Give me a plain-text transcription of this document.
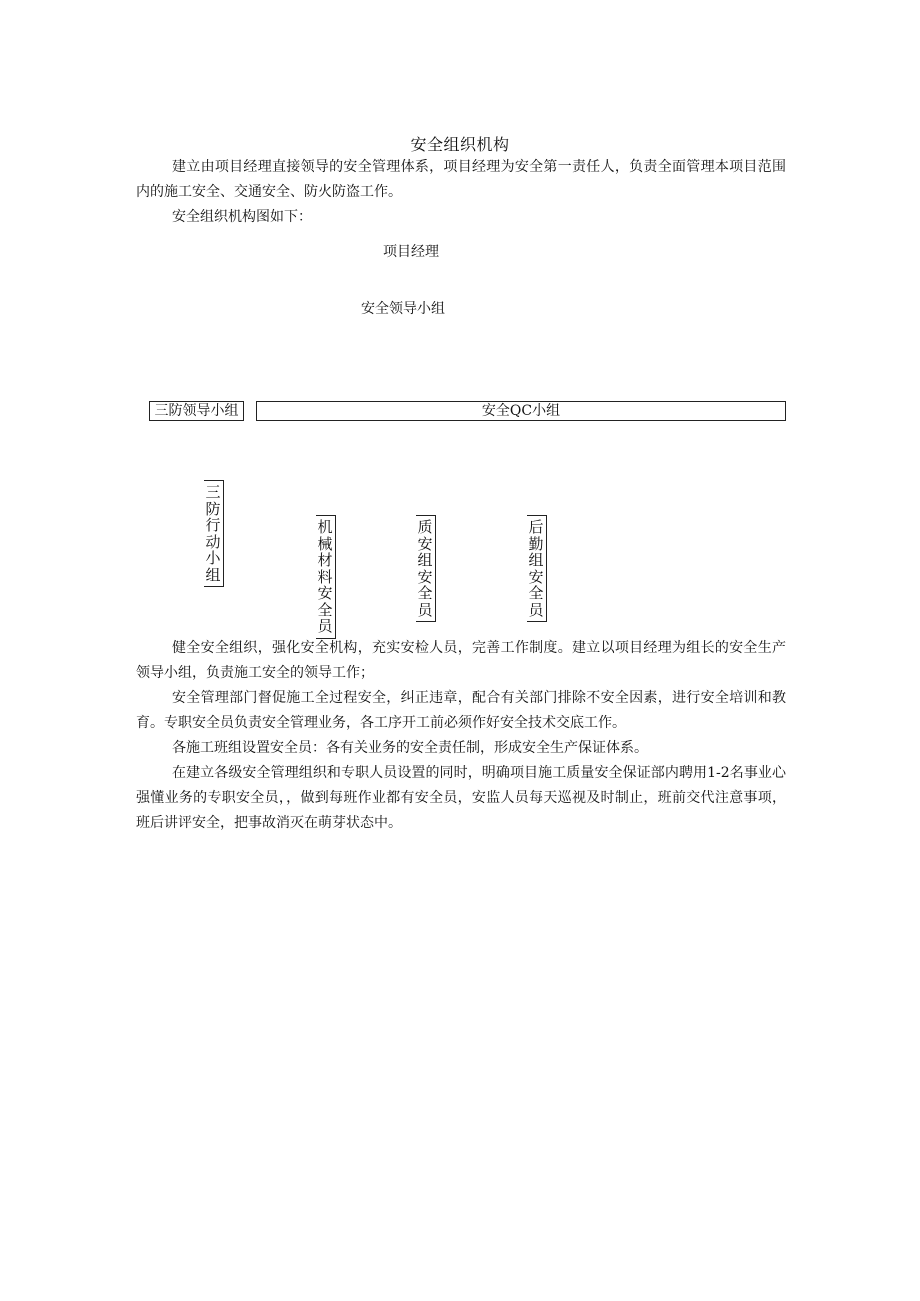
安全组织机构

建立由项目经理直接领导的安全管理体系，项目经理为安全第一责任人，负责全面管理本项目范围内的施工安全、交通安全、防火防盗工作。

安全组织机构图如下：

项目经理
安全领导小组
三防领导小组	安全QC小组
三
防
行
动
小
组
机
械
材
料
安
全
员
质
安
组
安
全
员
后
勤
组
安
全
员

健全安全组织，强化安全机构，充实安检人员，完善工作制度。建立以项目经理为组长的安全生产领导小组，负责施工安全的领导工作；

安全管理部门督促施工全过程安全，纠正违章，配合有关部门排除不安全因素，进行安全培训和教育。专职安全员负责安全管理业务，各工序开工前必须作好安全技术交底工作。

各施工班组设置安全员：各有关业务的安全责任制，形成安全生产保证体系。

在建立各级安全管理组织和专职人员设置的同时，明确项目施工质量安全保证部内聘用1-2名事业心强懂业务的专职安全员，，做到每班作业都有安全员，安监人员每天巡视及时制止，班前交代注意事项，班后讲评安全，把事故消灭在萌芽状态中。
